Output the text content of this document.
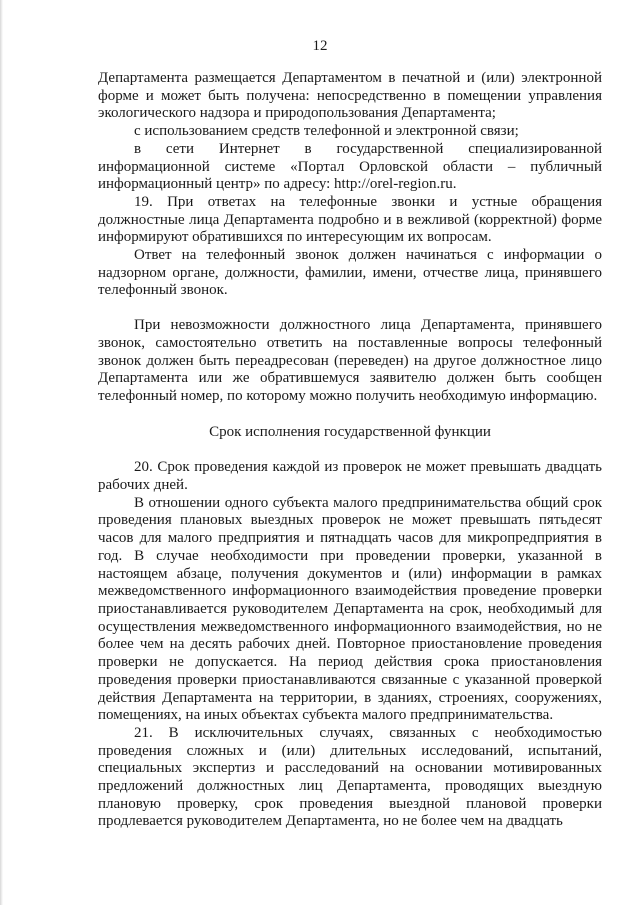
12

Департамента размещается Департаментом в печатной и (или) электронной форме и может быть получена: непосредственно в помещении управления экологического надзора и природопользования Департамента;

с использованием средств телефонной и электронной связи;

в сети Интернет в государственной специализированной информационной системе «Портал Орловской области – публичный информационный центр» по адресу: http://orel-region.ru.

19. При ответах на телефонные звонки и устные обращения должностные лица Департамента подробно и в вежливой (корректной) форме информируют обратившихся по интересующим их вопросам.

Ответ на телефонный звонок должен начинаться с информации о надзорном органе, должности, фамилии, имени, отчестве лица, принявшего телефонный звонок.

При невозможности должностного лица Департамента, принявшего звонок, самостоятельно ответить на поставленные вопросы телефонный звонок должен быть переадресован (переведен) на другое должностное лицо Департамента или же обратившемуся заявителю должен быть сообщен телефонный номер, по которому можно получить необходимую информацию.

Срок исполнения государственной функции

20. Срок проведения каждой из проверок не может превышать двадцать рабочих дней.

В отношении одного субъекта малого предпринимательства общий срок проведения плановых выездных проверок не может превышать пятьдесят часов для малого предприятия и пятнадцать часов для микропредприятия в год. В случае необходимости при проведении проверки, указанной в настоящем абзаце, получения документов и (или) информации в рамках межведомственного информационного взаимодействия проведение проверки приостанавливается руководителем Департамента на срок, необходимый для осуществления межведомственного информационного взаимодействия, но не более чем на десять рабочих дней. Повторное приостановление проведения проверки не допускается. На период действия срока приостановления проведения проверки приостанавливаются связанные с указанной проверкой действия Департамента на территории, в зданиях, строениях, сооружениях, помещениях, на иных объектах субъекта малого предпринимательства.

21. В исключительных случаях, связанных с необходимостью проведения сложных и (или) длительных исследований, испытаний, специальных экспертиз и расследований на основании мотивированных предложений должностных лиц Департамента, проводящих выездную плановую проверку, срок проведения выездной плановой проверки продлевается руководителем Департамента, но не более чем на двадцать
